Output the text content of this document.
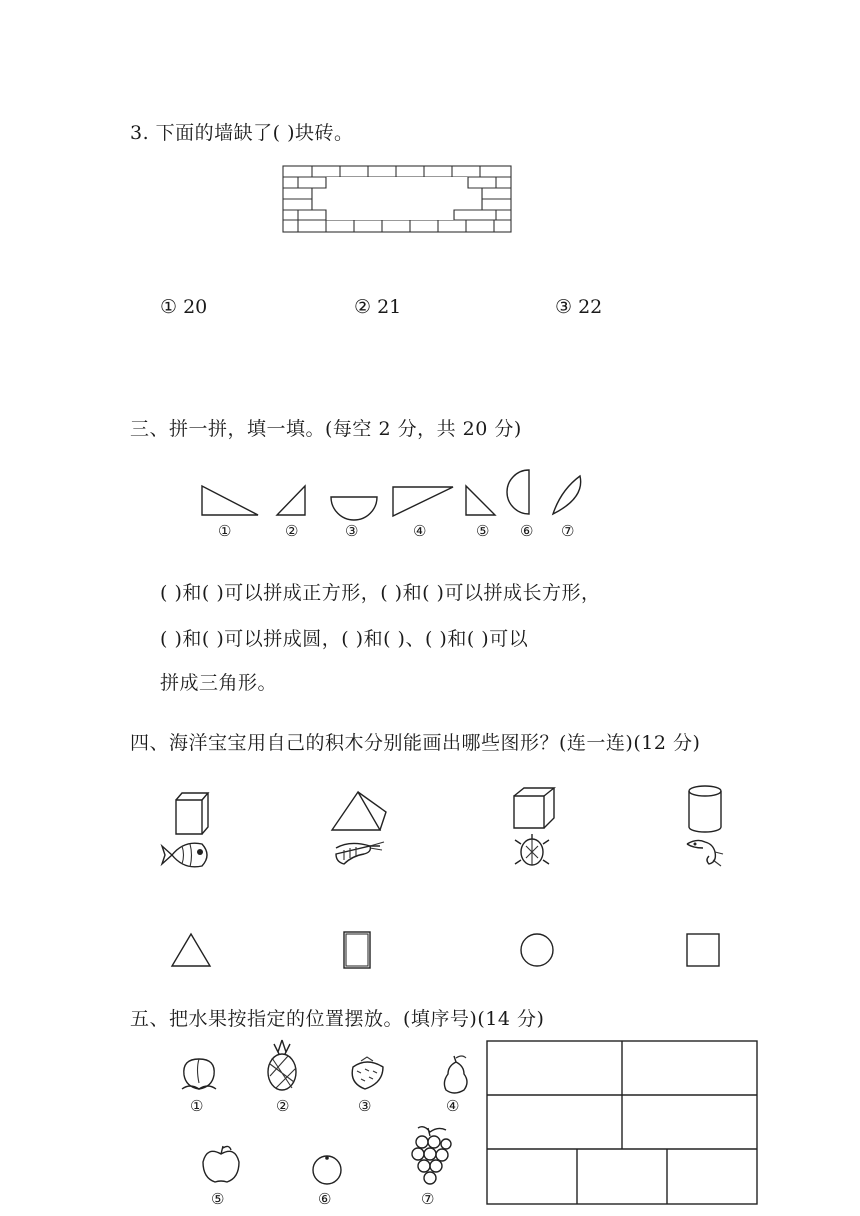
3. 下面的墙缺了( )块砖。
① 20	② 21	③ 22
三、拼一拼，填一填。(每空 2 分，共 20 分)
①	②	③	④	⑤ ⑥ ⑦
( )和( )可以拼成正方形，( )和( )可以拼成长方形，
( )和( )可以拼成圆，( )和( )、( )和( )可以
拼成三角形。
四、海洋宝宝用自己的积木分别能画出哪些图形？(连一连)(12 分)
五、把水果按指定的位置摆放。(填序号)(14 分)
①	②	③	④
⑤	⑥	⑦
